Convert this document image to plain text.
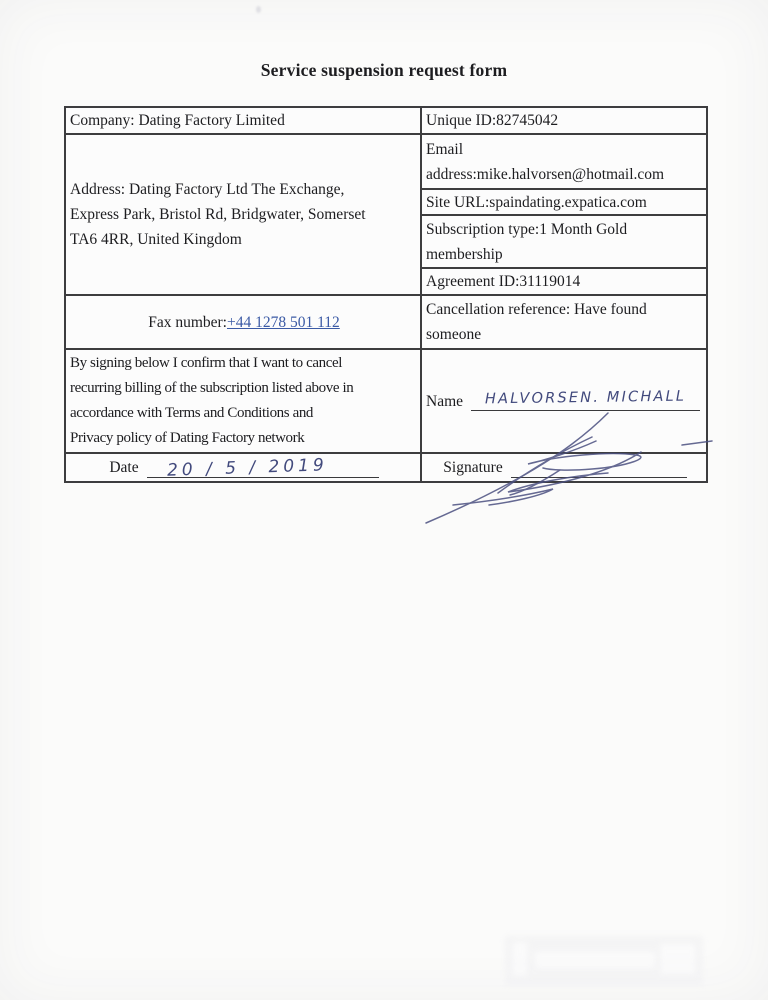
Service suspension request form
Company: Dating Factory Limited
Address: Dating Factory Ltd The Exchange,
Express Park, Bristol Rd, Bridgwater, Somerset
TA6 4RR, United Kingdom
Fax number: +44 1278 501 112
By signing below I confirm that I want to cancel
recurring billing of the subscription listed above in
accordance with Terms and Conditions and
Privacy policy of Dating Factory network
Date 20 / 5 / 2019
Unique ID:82745042
Email
address:mike.halvorsen@hotmail.com
Site URL:spaindating.expatica.com
Subscription type:1 Month Gold
membership
Agreement ID:31119014
Cancellation reference: Have found
someone
Name HALVORSEN. MICHALL
Signature
